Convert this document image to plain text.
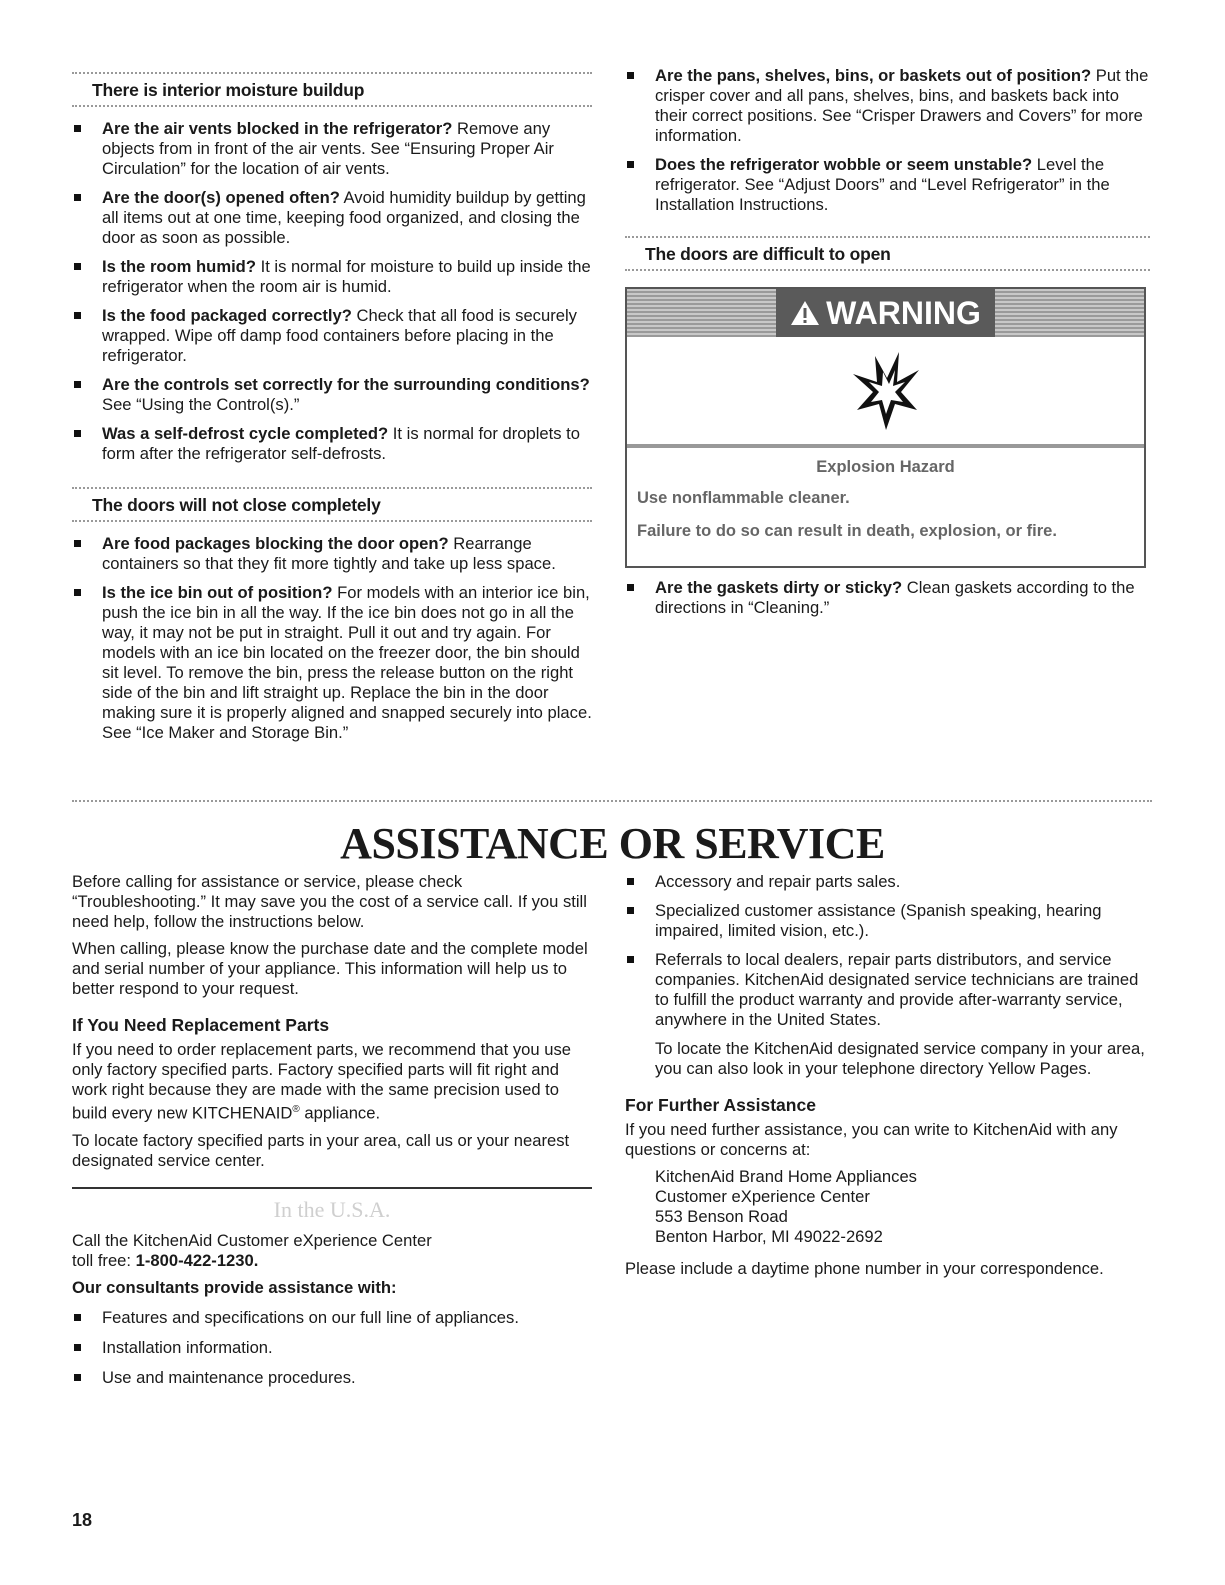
There is interior moisture buildup
Are the air vents blocked in the refrigerator? Remove any objects from in front of the air vents. See “Ensuring Proper Air Circulation” for the location of air vents.
Are the door(s) opened often? Avoid humidity buildup by getting all items out at one time, keeping food organized, and closing the door as soon as possible.
Is the room humid? It is normal for moisture to build up inside the refrigerator when the room air is humid.
Is the food packaged correctly? Check that all food is securely wrapped. Wipe off damp food containers before placing in the refrigerator.
Are the controls set correctly for the surrounding conditions? See “Using the Control(s).”
Was a self-defrost cycle completed? It is normal for droplets to form after the refrigerator self-defrosts.
The doors will not close completely
Are food packages blocking the door open? Rearrange containers so that they fit more tightly and take up less space.
Is the ice bin out of position? For models with an interior ice bin, push the ice bin in all the way. If the ice bin does not go in all the way, it may not be put in straight. Pull it out and try again. For models with an ice bin located on the freezer door, the bin should sit level. To remove the bin, press the release button on the right side of the bin and lift straight up. Replace the bin in the door making sure it is properly aligned and snapped securely into place. See “Ice Maker and Storage Bin.”
Are the pans, shelves, bins, or baskets out of position? Put the crisper cover and all pans, shelves, bins, and baskets back into their correct positions. See “Crisper Drawers and Covers” for more information.
Does the refrigerator wobble or seem unstable? Level the refrigerator. See “Adjust Doors” and “Level Refrigerator” in the Installation Instructions.
The doors are difficult to open
WARNING
Explosion Hazard
Use nonflammable cleaner.
Failure to do so can result in death, explosion, or fire.
Are the gaskets dirty or sticky? Clean gaskets according to the directions in “Cleaning.”
ASSISTANCE OR SERVICE

Before calling for assistance or service, please check “Troubleshooting.” It may save you the cost of a service call. If you still need help, follow the instructions below.

When calling, please know the purchase date and the complete model and serial number of your appliance. This information will help us to better respond to your request.

If You Need Replacement Parts

If you need to order replacement parts, we recommend that you use only factory specified parts. Factory specified parts will fit right and work right because they are made with the same precision used to build every new KITCHENAID® appliance.

To locate factory specified parts in your area, call us or your nearest designated service center.

In the U.S.A.

Call the KitchenAid Customer eXperience Center

toll free: 1-800-422-1230.

Our consultants provide assistance with:

Features and specifications on our full line of appliances.
Installation information.
Use and maintenance procedures.
Accessory and repair parts sales.
Specialized customer assistance (Spanish speaking, hearing impaired, limited vision, etc.).
Referrals to local dealers, repair parts distributors, and service companies. KitchenAid designated service technicians are trained to fulfill the product warranty and provide after-warranty service, anywhere in the United States.
To locate the KitchenAid designated service company in your area, you can also look in your telephone directory Yellow Pages.
For Further Assistance

If you need further assistance, you can write to KitchenAid with any questions or concerns at:

KitchenAid Brand Home Appliances
Customer eXperience Center
553 Benson Road
Benton Harbor, MI 49022-2692

Please include a daytime phone number in your correspondence.

18
